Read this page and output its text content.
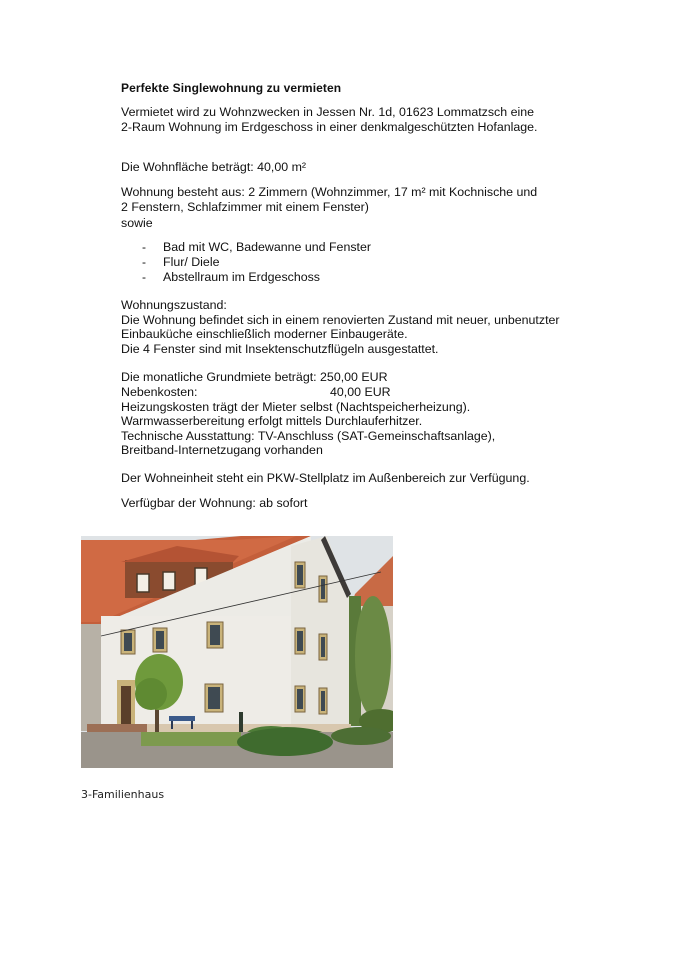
Perfekte Singlewohnung zu vermieten
Vermietet wird zu Wohnzwecken in Jessen Nr. 1d, 01623 Lommatzsch eine
2-Raum Wohnung im Erdgeschoss in einer denkmalgeschützten Hofanlage.
Die Wohnfläche beträgt: 40,00 m²
Wohnung besteht aus: 2 Zimmern (Wohnzimmer, 17 m² mit Kochnische und
2 Fenstern, Schlafzimmer mit einem Fenster)
sowie
- Bad mit WC, Badewanne und Fenster
- Flur/ Diele
- Abstellraum im Erdgeschoss
Wohnungszustand:
Die Wohnung befindet sich in einem renovierten Zustand mit neuer, unbenutzter
Einbauküche einschließlich moderner Einbaugeräte.
Die 4 Fenster sind mit Insektenschutzflügeln ausgestattet.
Die monatliche Grundmiete beträgt: 250,00 EUR
Nebenkosten:	40,00 EUR
Heizungskosten trägt der Mieter selbst (Nachtspeicherheizung).
Warmwasserbereitung erfolgt mittels Durchlauferhitzer.
Technische Ausstattung: TV-Anschluss (SAT-Gemeinschaftsanlage),
Breitband-Internetzugang vorhanden
Der Wohneinheit steht ein PKW-Stellplatz im Außenbereich zur Verfügung.
Verfügbar der Wohnung: ab sofort
3-Familienhaus
